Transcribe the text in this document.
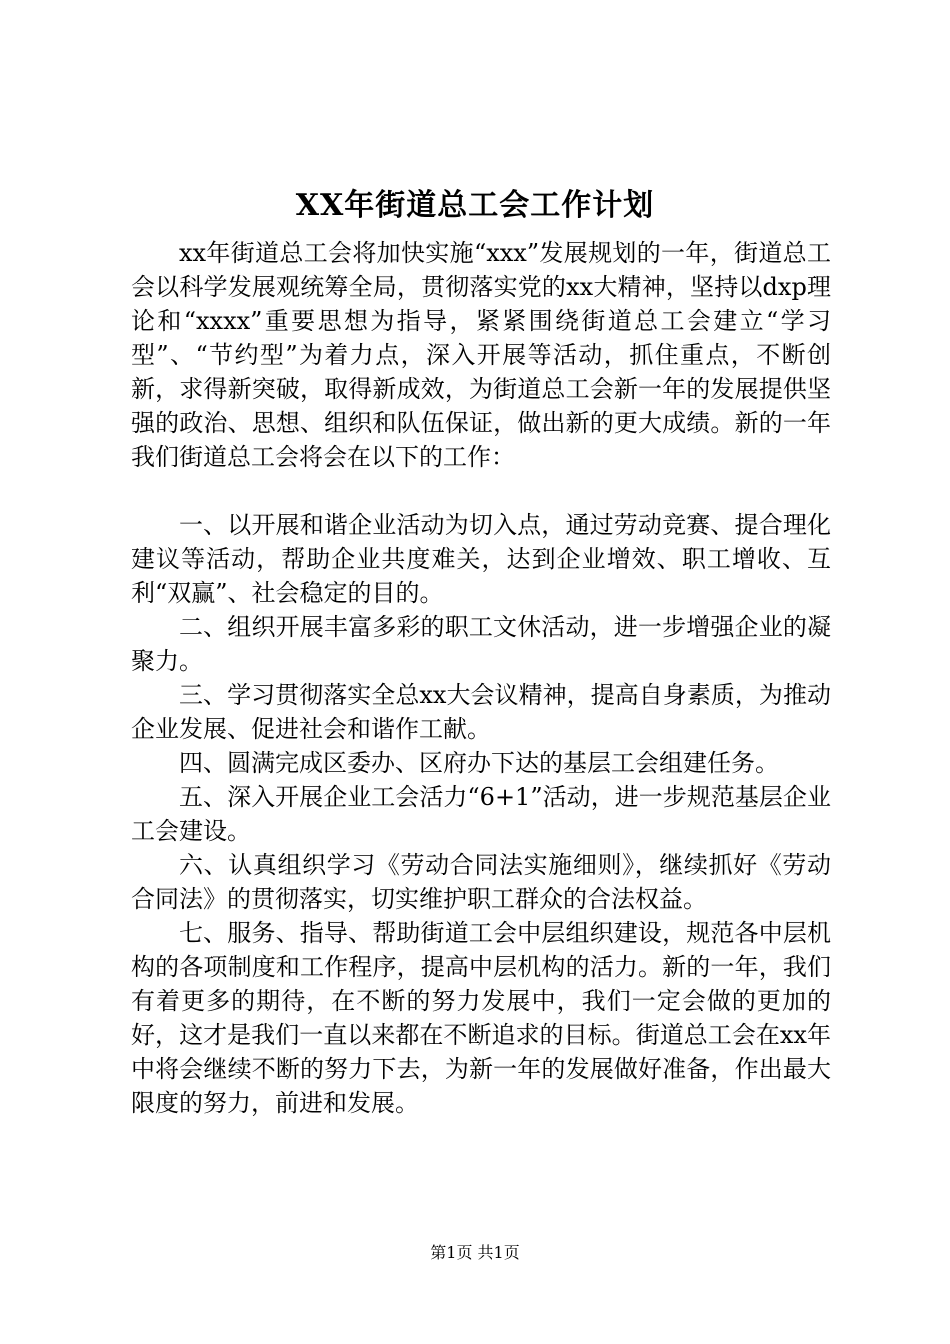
XX年街道总工会工作计划

xx年街道总工会将加快实施“xxx”发展规划的一年，街道总工会以科学发展观统筹全局，贯彻落实党的xx大精神，坚持以dxp理论和“xxxx”重要思想为指导，紧紧围绕街道总工会建立“学习型”、“节约型”为着力点，深入开展等活动，抓住重点，不断创新，求得新突破，取得新成效，为街道总工会新一年的发展提供坚强的政治、思想、组织和队伍保证，做出新的更大成绩。新的一年我们街道总工会将会在以下的工作：

一、以开展和谐企业活动为切入点，通过劳动竞赛、提合理化建议等活动，帮助企业共度难关，达到企业增效、职工增收、互利“双赢”、社会稳定的目的。

二、组织开展丰富多彩的职工文休活动，进一步增强企业的凝聚力。

三、学习贯彻落实全总xx大会议精神，提高自身素质，为推动企业发展、促进社会和谐作工献。

四、圆满完成区委办、区府办下达的基层工会组建任务。

五、深入开展企业工会活力“6+1”活动，进一步规范基层企业工会建设。

六、认真组织学习《劳动合同法实施细则》，继续抓好《劳动合同法》的贯彻落实，切实维护职工群众的合法权益。

七、服务、指导、帮助街道工会中层组织建设，规范各中层机构的各项制度和工作程序，提高中层机构的活力。新的一年，我们有着更多的期待，在不断的努力发展中，我们一定会做的更加的好，这才是我们一直以来都在不断追求的目标。街道总工会在xx年中将会继续不断的努力下去，为新一年的发展做好准备，作出最大限度的努力，前进和发展。

第1页 共1页
